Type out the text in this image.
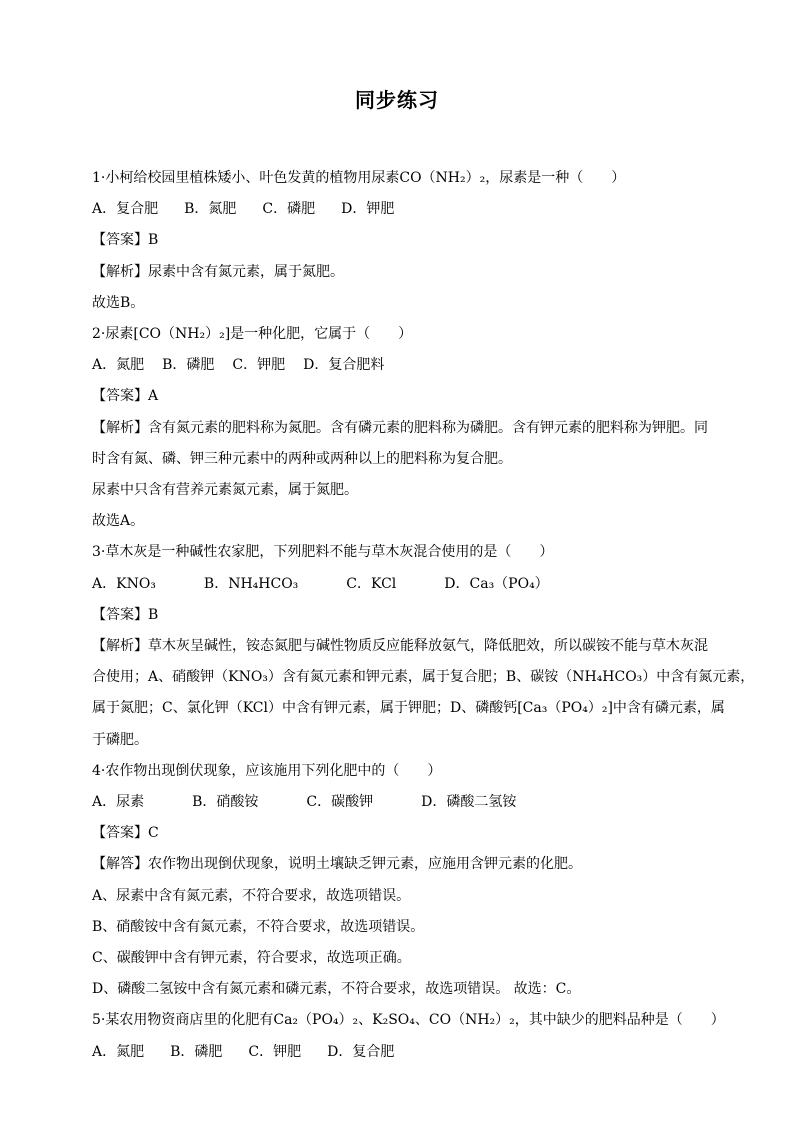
同步练习
1·小柯给校园里植株矮小、叶色发黄的植物用尿素CO（NH₂）₂，尿素是一种（　　）
A．复合肥 B．氮肥 C．磷肥 D．钾肥
【答案】B
【解析】尿素中含有氮元素，属于氮肥。
故选B。
2·尿素[CO（NH₂）₂]是一种化肥，它属于（　　）
A．氮肥 B．磷肥 C．钾肥 D．复合肥料
【答案】A
【解析】含有氮元素的肥料称为氮肥。含有磷元素的肥料称为磷肥。含有钾元素的肥料称为钾肥。同
时含有氮、磷、钾三种元素中的两种或两种以上的肥料称为复合肥。
尿素中只含有营养元素氮元素，属于氮肥。
故选A。
3·草木灰是一种碱性农家肥，下列肥料不能与草木灰混合使用的是（　　）
A．KNO₃	B．NH₄HCO₃	C．KCl	D．Ca₃（PO₄）
【答案】B
【解析】草木灰呈碱性，铵态氮肥与碱性物质反应能释放氨气，降低肥效，所以碳铵不能与草木灰混
合使用；A、硝酸钾（KNO₃）含有氮元素和钾元素，属于复合肥；B、碳铵（NH₄HCO₃）中含有氮元素，
属于氮肥；C、氯化钾（KCl）中含有钾元素，属于钾肥；D、磷酸钙[Ca₃（PO₄）₂]中含有磷元素，属
于磷肥。
4·农作物出现倒伏现象，应该施用下列化肥中的（　　）
A．尿素	B．硝酸铵	C．碳酸钾	D．磷酸二氢铵
【答案】C
【解答】农作物出现倒伏现象，说明土壤缺乏钾元素，应施用含钾元素的化肥。
A、尿素中含有氮元素，不符合要求，故选项错误。
B、硝酸铵中含有氮元素，不符合要求，故选项错误。
C、碳酸钾中含有钾元素，符合要求，故选项正确。
D、磷酸二氢铵中含有氮元素和磷元素，不符合要求，故选项错误。 故选：C。
5·某农用物资商店里的化肥有Ca₂（PO₄）₂、K₂SO₄、CO（NH₂）₂，其中缺少的肥料品种是（　　）
A．氮肥 B．磷肥 C．钾肥 D．复合肥
